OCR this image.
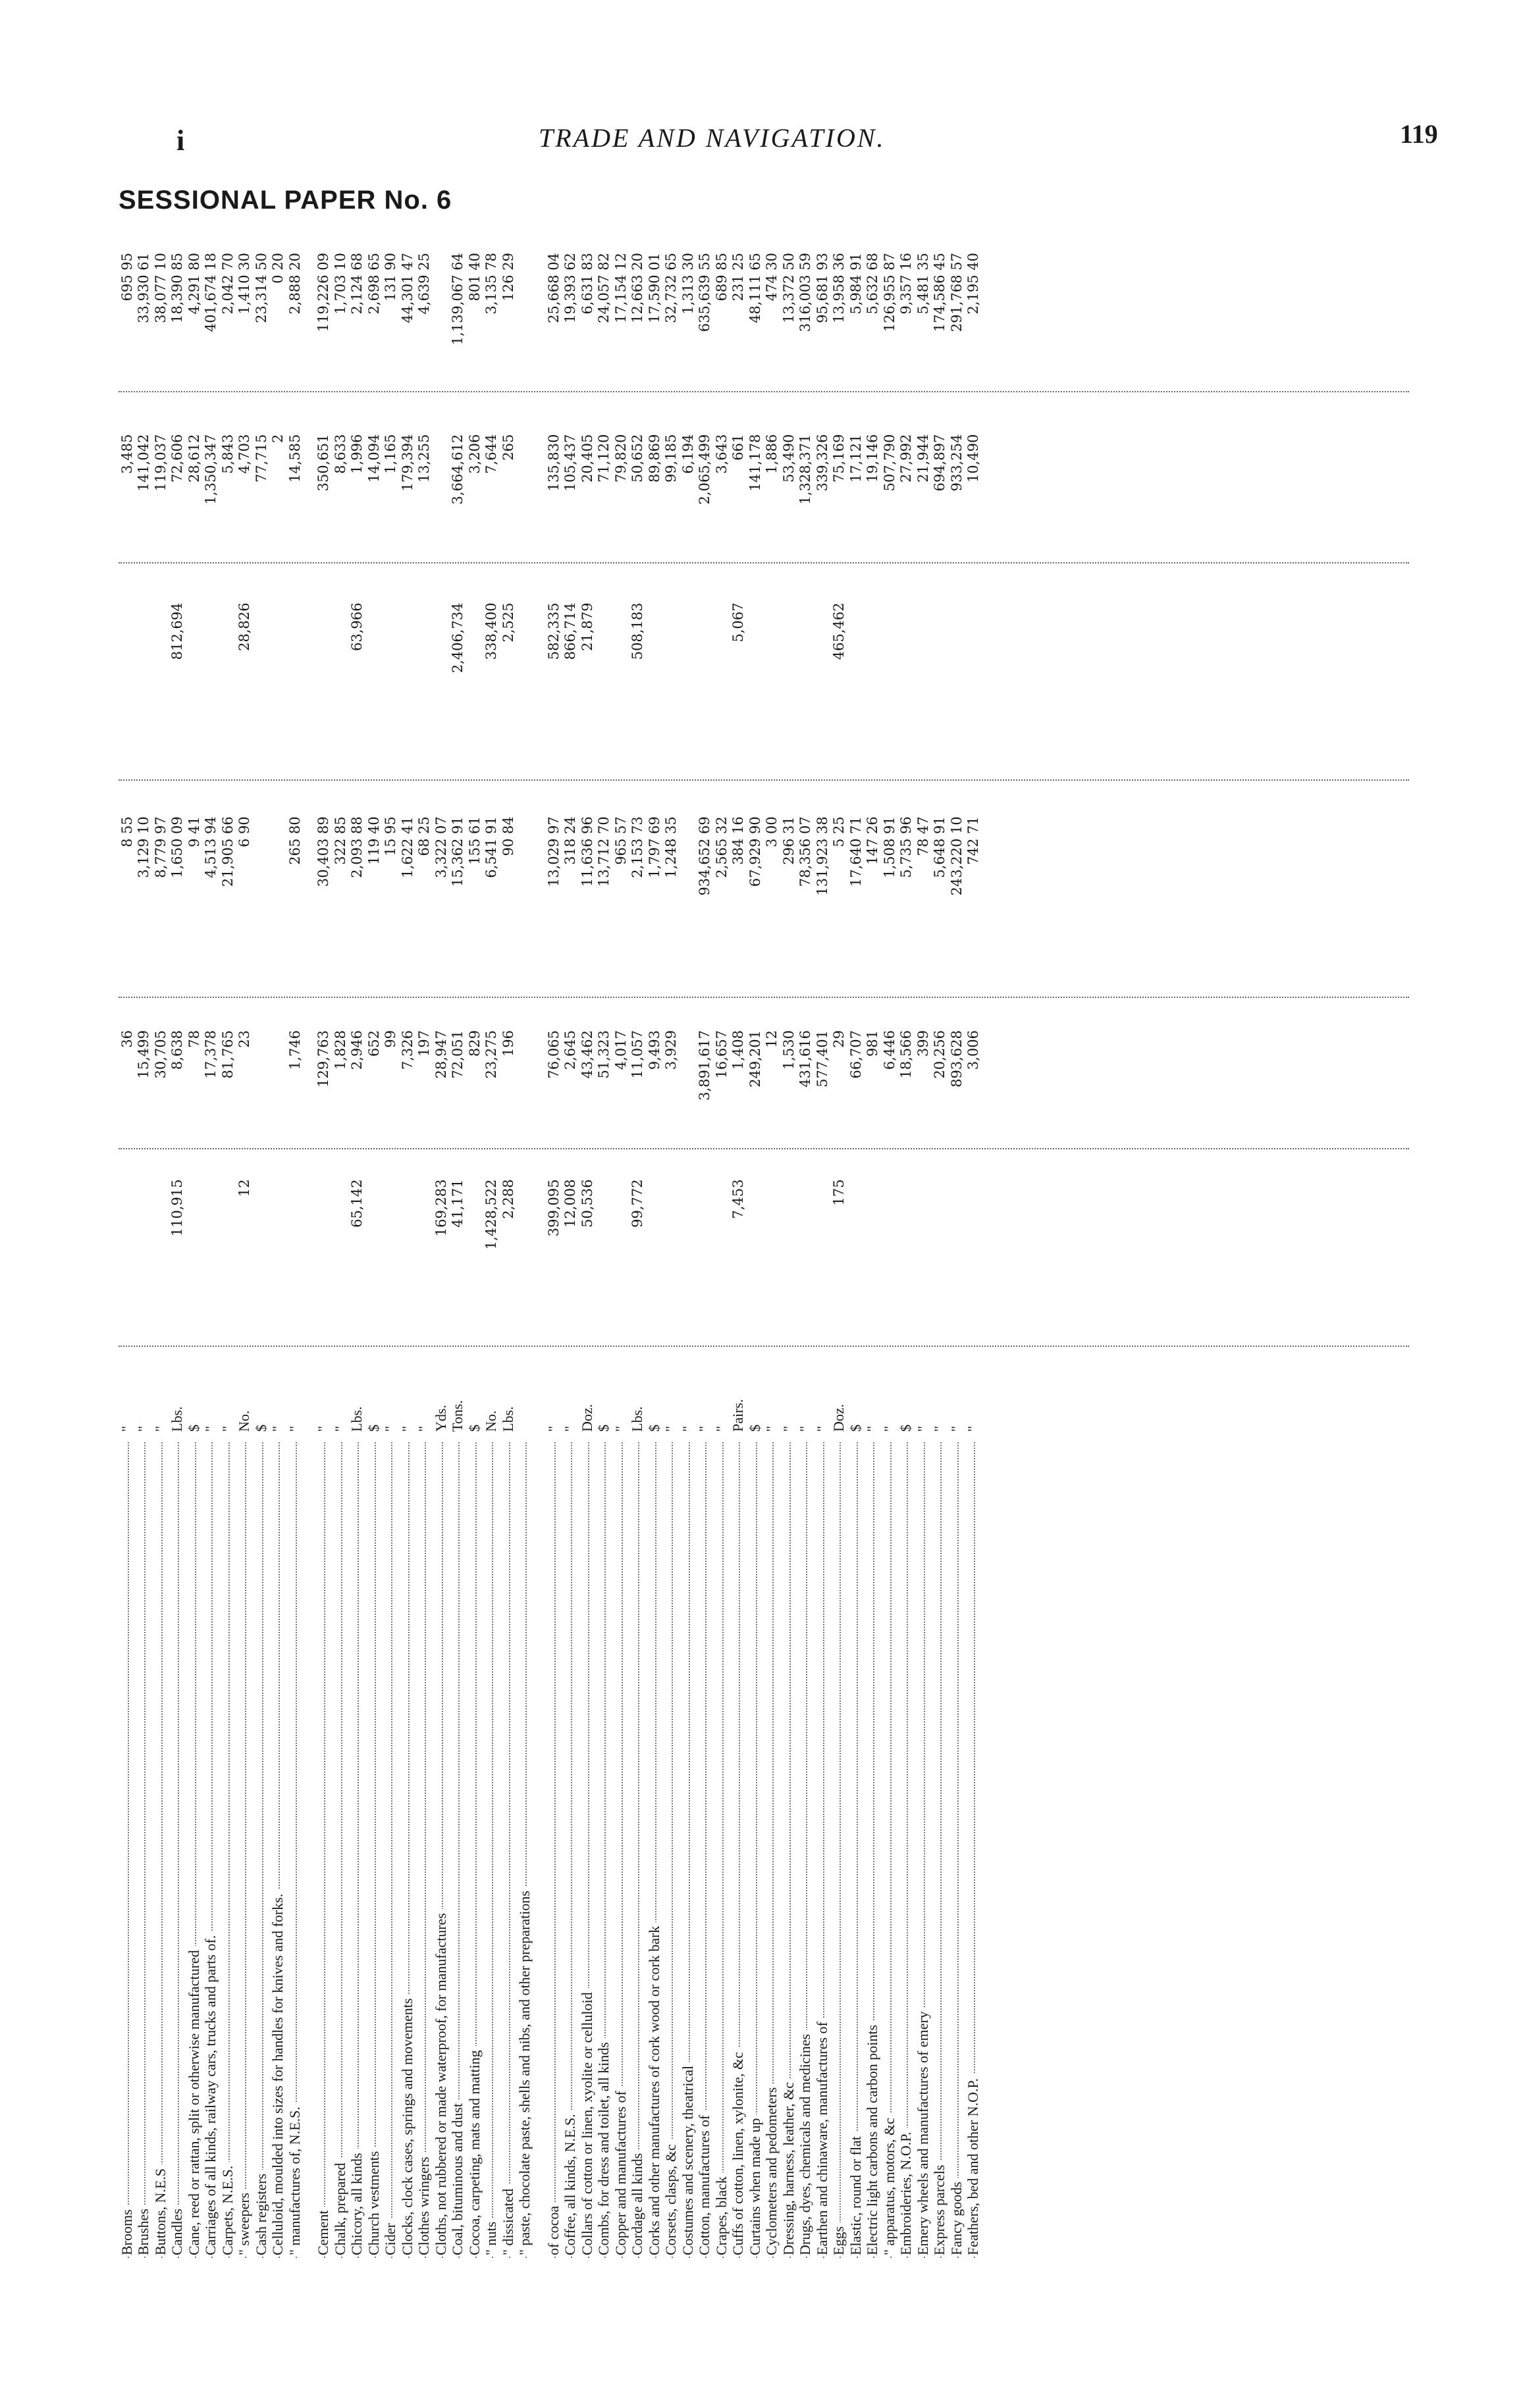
i	TRADE AND NAVIGATION.	119
SESSIONAL PAPER No. 6
Brooms
"
36
8 55
3,485
695 95
Brushes
"
15,499
3,129 10
141,042
33,930 61
Buttons, N.E.S
"
30,705
8,779 97
119,037
38,077 10
Candles
Lbs.
110,915
8,638
1,650 09
812,694
72,606
18,390 85
Cane, reed or rattan, split or otherwise manufactured
$
78
9 41
28,612
4,291 80
Carriages of all kinds, railway cars, trucks and parts of.
"
17,378
4,513 94
1,350,347
401,674 18
Carpets, N.E.S.
"
81,765
21,905 66
5,843
2,042 70
" sweepers
No.
12
23
6 90
28,826
4,703
1,410 30
Cash registers
$
77,715
23,314 50
Celluloid, moulded into sizes for handles for knives and forks.
"
2
0 20
" manufactures of, N.E.S.
"
1,746
265 80
14,585
2,888 20
Cement
"
129,763
30,403 89
350,651
119,226 09
Chalk, prepared
"
1,828
322 85
8,633
1,703 10
Chicory, all kinds
Lbs.
65,142
2,946
2,093 88
63,966
1,996
2,124 68
Church vestments
$
652
119 40
14,094
2,698 65
Cider
"
99
15 95
1,165
131 90
Clocks, clock cases, springs and movements
"
7,326
1,622 41
179,394
44,301 47
Clothes wringers
"
197
68 25
13,255
4,639 25
Cloths, not rubbered or made waterproof, for manufactures
Yds.
169,283
28,947
3,322 07
Coal, bituminous and dust
Tons.
41,171
72,051
15,362 91
2,406,734
3,664,612
1,139,067 64
Cocoa, carpeting, mats and matting
$
829
155 61
3,206
801 40
" nuts
No.
1,428,522
23,275
6,541 91
338,400
7,644
3,135 78
" dissicated
Lbs.
2,288
196
90 84
2,525
265
126 29
" paste, chocolate paste, shells and nibs, and other preparations of cocoa
"
399,095
76,065
13,029 97
582,335
135,830
25,668 04
Coffee, all kinds, N.E.S.
"
12,008
2,645
318 24
866,714
105,437
19,393 62
Collars of cotton or linen, xyolite or celluloid
Doz.
50,536
43,462
11,636 96
21,879
20,405
6,631 83
Combs, for dress and toilet, all kinds
$
51,323
13,712 70
71,120
24,057 82
Copper and manufactures of
"
4,017
965 57
79,820
17,154 12
Cordage all kinds
Lbs.
99,772
11,057
2,153 73
508,183
50,652
12,663 20
Corks and other manufactures of cork wood or cork bark
$
9,493
1,797 69
89,869
17,590 01
Corsets, clasps, &c
"
3,929
1,248 35
99,185
32,732 65
Costumes and scenery, theatrical
"
6,194
1,313 30
Cotton, manufactures of
"
3,891,617
934,652 69
2,065,499
635,639 55
Crapes, black
"
16,657
2,565 32
3,643
689 85
Cuffs of cotton, linen, xylonite, &c
Pairs.
7,453
1,408
384 16
5,067
661
231 25
Curtains when made up
$
249,201
67,929 90
141,178
48,111 65
Cyclometers and pedometers
"
12
3 00
1,886
474 30
Dressing, harness, leather, &c
"
1,530
296 31
53,490
13,372 50
Drugs, dyes, chemicals and medicines
"
431,616
78,356 07
1,328,371
316,003 59
Earthen and chinaware, manufactures of
"
577,401
131,923 38
339,326
95,681 93
Eggs
Doz.
175
29
5 25
465,462
75,169
13,958 36
Elastic, round or flat
$
66,707
17,640 71
17,121
5,984 91
Electric light carbons and carbon points
"
981
147 26
19,146
5,632 68
" apparatus, motors, &c
"
6,446
1,508 91
507,790
126,955 87
Embroideries, N.O.P.
$
18,566
5,735 96
27,992
9,357 16
Emery wheels and manufactures of emery
"
399
78 47
21,944
5,481 35
Express parcels
"
20,256
5,648 91
694,897
174,586 45
Fancy goods
"
893,628
243,220 10
933,254
291,768 57
Feathers, bed and other N.O.P.
"
3,006
742 71
10,490
2,195 40
